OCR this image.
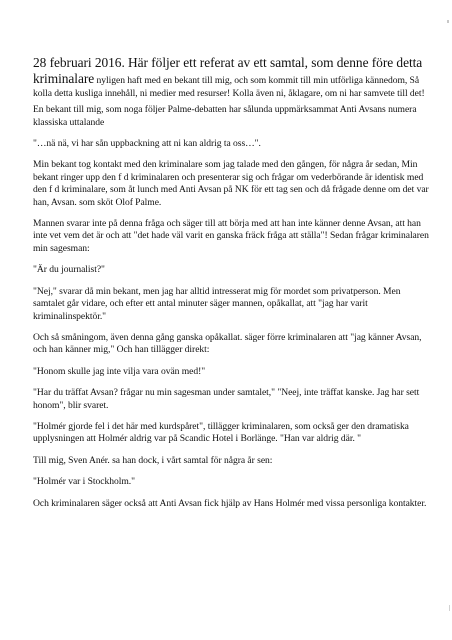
28 februari 2016. Här följer ett referat av ett samtal, som denne före detta kriminalare nyligen haft med en bekant till mig, och som kommit till min utförliga kännedom, Så kolla detta kusliga innehåll, ni medier med resurser! Kolla även ni, åklagare, om ni har samvete till det!

En bekant till mig, som noga följer Palme-debatten har sålunda uppmärksammat Anti Avsans numera klassiska uttalande

"…nä nä, vi har sån uppbackning att ni kan aldrig ta oss…".

Min bekant tog kontakt med den kriminalare som jag talade med den gången, för några år sedan, Min bekant ringer upp den f d kriminalaren och presenterar sig och frågar om vederbörande är identisk med den f d kriminalare, som åt lunch med Anti Avsan på NK för ett tag sen och då frågade denne om det var han, Avsan. som sköt Olof Palme.

Mannen svarar inte på denna fråga och säger till att börja med att han inte känner denne Avsan, att han inte vet vem det är och att "det hade väl varit en ganska fräck fråga att ställa"! Sedan frågar kriminalaren min sagesman:

"Är du journalist?"

"Nej," svarar då min bekant, men jag har alltid intresserat mig för mordet som privatperson. Men samtalet går vidare, och efter ett antal minuter säger mannen, opåkallat, att "jag har varit kriminalinspektör."

Och så småningom, även denna gång ganska opåkallat. säger förre kriminalaren att "jag känner Avsan, och han känner mig," Och han tillägger direkt:

"Honom skulle jag inte vilja vara ovän med!"

"Har du träffat Avsan? frågar nu min sagesman under samtalet," "Neej, inte träffat kanske. Jag har sett honom", blir svaret.

"Holmér gjorde fel i det här med kurdspåret", tillägger kriminalaren, som också ger den dramatiska upplysningen att Holmér aldrig var på Scandic Hotel i Borlänge. "Han var aldrig där. "

Till mig, Sven Anér. sa han dock, i vårt samtal för några år sen:

"Holmér var i Stockholm."

Och kriminalaren säger också att Anti Avsan fick hjälp av Hans Holmér med vissa personliga kontakter.
